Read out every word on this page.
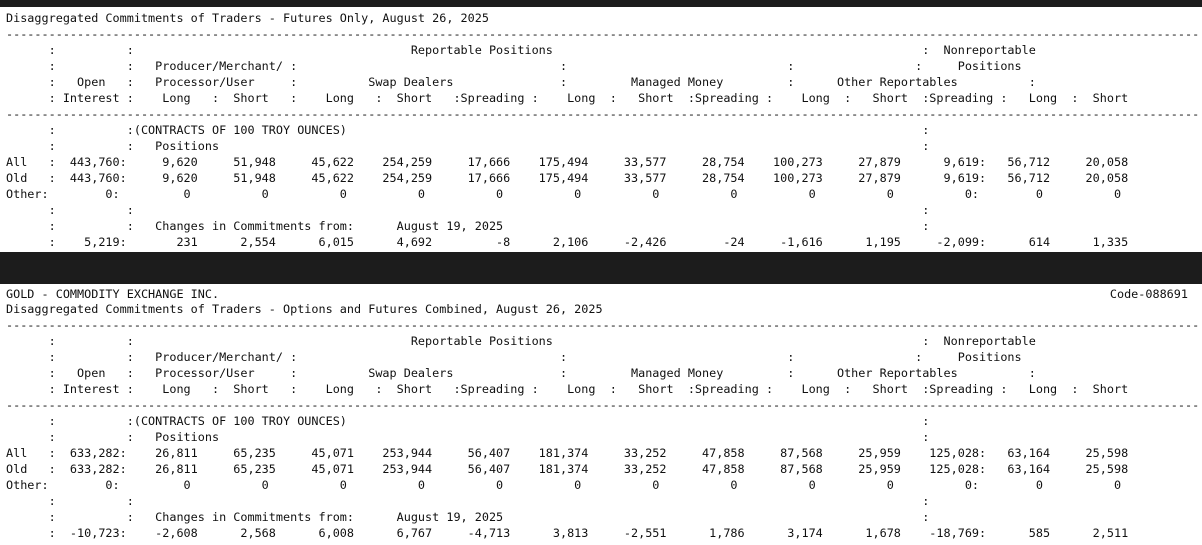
Disaggregated Commitments of Traders - Futures Only, August 26, 2025
------------------------------------------------------------------------------------------------------------------------------------------------------------------------
:          :                                       Reportable Positions                                                    :  Nonreportable
:          :   Producer/Merchant/ :                                     :                               :                 :     Positions
:   Open   :   Processor/User     :          Swap Dealers               :         Managed Money         :      Other Reportables          :
: Interest :    Long   :  Short   :    Long   :  Short   :Spreading :    Long  :   Short  :Spreading :    Long  :   Short  :Spreading :   Long  :  Short
------------------------------------------------------------------------------------------------------------------------------------------------------------------------
:          :(CONTRACTS OF 100 TROY OUNCES)                                                                                 :
:          :   Positions                                                                                                   :
All   :  443,760:     9,620     51,948     45,622    254,259     17,666    175,494     33,577     28,754    100,273     27,879      9,619:   56,712     20,058
Old   :  443,760:     9,620     51,948     45,622    254,259     17,666    175,494     33,577     28,754    100,273     27,879      9,619:   56,712     20,058
Other:        0:         0          0          0          0          0          0          0          0          0          0          0:        0          0
:          :                                                                                                               :
:          :   Changes in Commitments from:      August 19, 2025                                                           :
:    5,219:       231      2,554      6,015      4,692         -8      2,106     -2,426        -24     -1,616      1,195     -2,099:      614      1,335
GOLD - COMMODITY EXCHANGE INC.	Code-088691
Disaggregated Commitments of Traders - Options and Futures Combined, August 26, 2025
------------------------------------------------------------------------------------------------------------------------------------------------------------------------
:          :                                       Reportable Positions                                                    :  Nonreportable
:          :   Producer/Merchant/ :                                     :                               :                 :     Positions
:   Open   :   Processor/User     :          Swap Dealers               :         Managed Money         :      Other Reportables          :
: Interest :    Long   :  Short   :    Long   :  Short   :Spreading :    Long  :   Short  :Spreading :    Long  :   Short  :Spreading :   Long  :  Short
------------------------------------------------------------------------------------------------------------------------------------------------------------------------
:          :(CONTRACTS OF 100 TROY OUNCES)                                                                                 :
:          :   Positions                                                                                                   :
All   :  633,282:    26,811     65,235     45,071    253,944     56,407    181,374     33,252     47,858     87,568     25,959    125,028:   63,164     25,598
Old   :  633,282:    26,811     65,235     45,071    253,944     56,407    181,374     33,252     47,858     87,568     25,959    125,028:   63,164     25,598
Other:        0:         0          0          0          0          0          0          0          0          0          0          0:        0          0
:          :                                                                                                               :
:          :   Changes in Commitments from:      August 19, 2025                                                           :
:  -10,723:    -2,608      2,568      6,008      6,767     -4,713      3,813     -2,551      1,786      3,174      1,678    -18,769:      585      2,511
